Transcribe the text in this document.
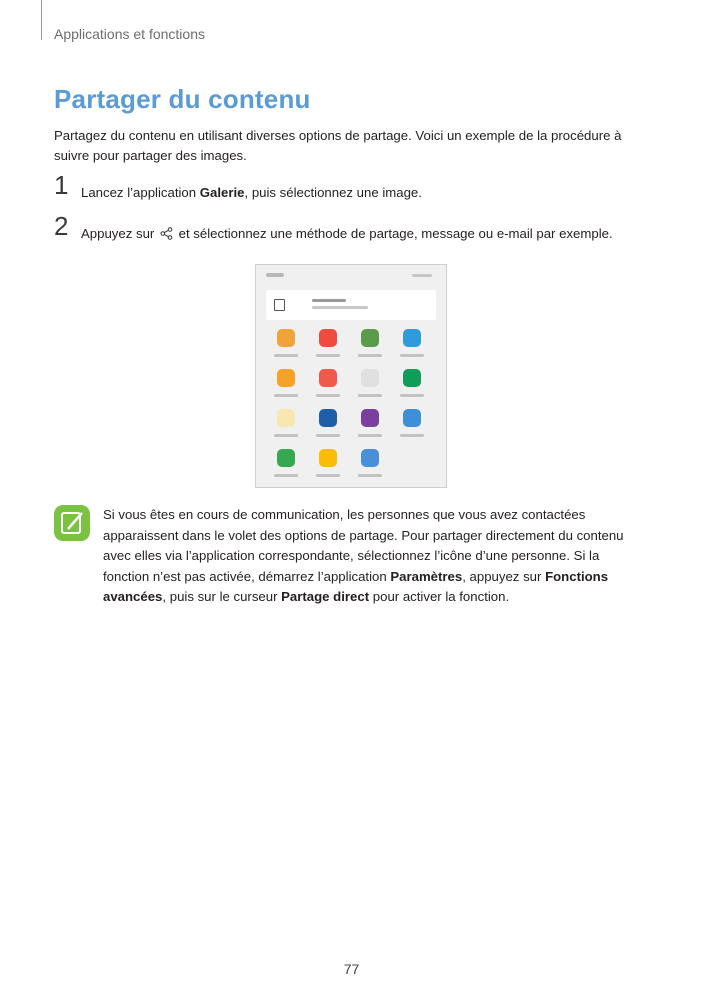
Applications et fonctions
Partager du contenu

Partagez du contenu en utilisant diverses options de partage. Voici un exemple de la procédure à suivre pour partager des images.

1 Lancez l’application Galerie, puis sélectionnez une image.
2 Appuyez sur  et sélectionnez une méthode de partage, message ou e-mail par exemple.

Si vous êtes en cours de communication, les personnes que vous avez contactées apparaissent dans le volet des options de partage. Pour partager directement du contenu avec elles via l’application correspondante, sélectionnez l’icône d’une personne. Si la fonction n’est pas activée, démarrez l’application Paramètres, appuyez sur Fonctions avancées, puis sur le curseur Partage direct pour activer la fonction.

77
